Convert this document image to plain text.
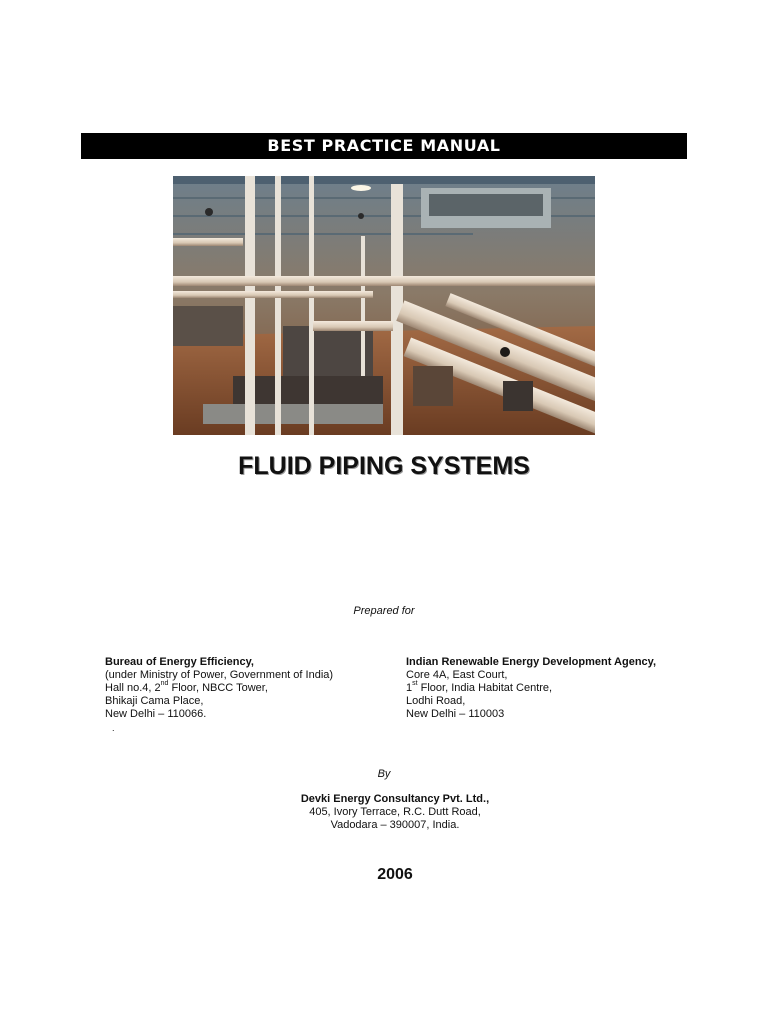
BEST PRACTICE MANUAL
FLUID PIPING SYSTEMS
Prepared for
Bureau of Energy Efficiency,
(under Ministry of Power, Government of India)
Hall no.4, 2nd Floor, NBCC Tower,
Bhikaji Cama Place,
New Delhi – 110066.
.
Indian Renewable Energy Development Agency,
Core 4A, East Court,
1st Floor, India Habitat Centre,
Lodhi Road,
New Delhi – 110003
By
Devki Energy Consultancy Pvt. Ltd.,
405, Ivory Terrace, R.C. Dutt Road,
Vadodara – 390007, India.
2006
